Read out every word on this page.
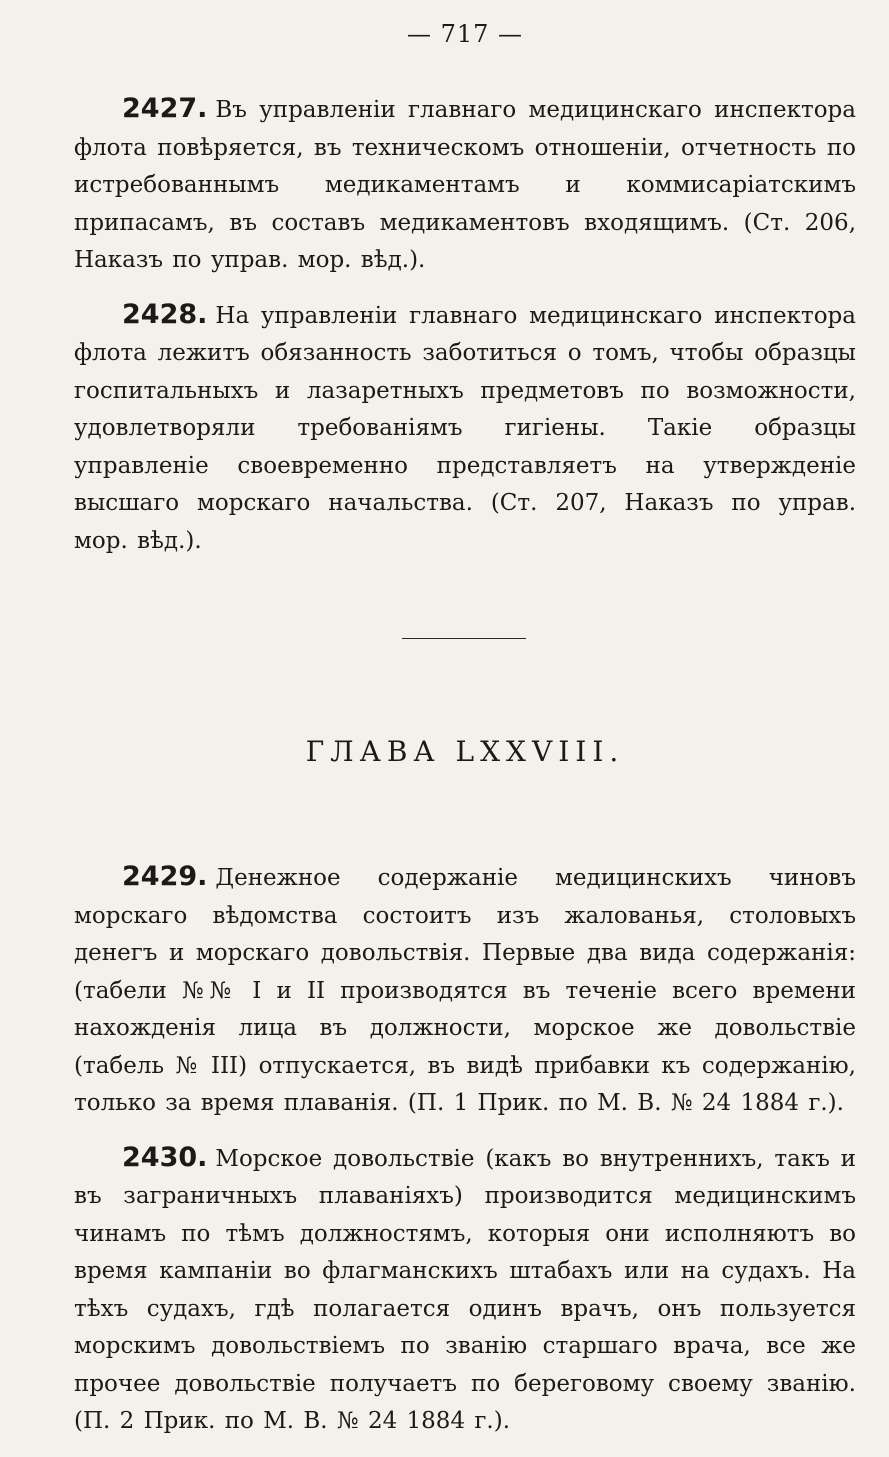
— 717 —

2427. Въ управленіи главнаго медицинскаго инспектора флота повѣряется, въ техническомъ отношеніи, отчетность по истребованнымъ медикаментамъ и коммисаріатскимъ припасамъ, въ составъ медикаментовъ входящимъ. (Ст. 206, Наказъ по управ. мор. вѣд.).

2428. На управленіи главнаго медицинскаго инспектора флота лежитъ обязанность заботиться о томъ, чтобы образцы госпитальныхъ и лазаретныхъ предметовъ по возможности, удовлетворяли требованіямъ гигіены. Такіе образцы управленіе своевременно представляетъ на утвержденіе высшаго морскаго начальства. (Ст. 207, Наказъ по управ. мор. вѣд.).

ГЛАВА LXXVIII.

2429. Денежное содержаніе медицинскихъ чиновъ морскаго вѣдомства состоитъ изъ жалованья, столовыхъ денегъ и морскаго довольствія. Первые два вида содержанія: (табели №№ I и II производятся въ теченіе всего времени нахожденія лица въ должности, морское же довольствіе (табель № III) отпускается, въ видѣ прибавки къ содержанію, только за время плаванія. (П. 1 Прик. по М. В. № 24 1884 г.).

2430. Морское довольствіе (какъ во внутреннихъ, такъ и въ заграничныхъ плаваніяхъ) производится медицинскимъ чинамъ по тѣмъ должностямъ, которыя они исполняютъ во время кампаніи во флагманскихъ штабахъ или на судахъ. На тѣхъ судахъ, гдѣ полагается одинъ врачъ, онъ пользуется морскимъ довольствіемъ по званію старшаго врача, все же прочее довольствіе получаетъ по береговому своему званію. (П. 2 Прик. по М. В. № 24 1884 г.).
